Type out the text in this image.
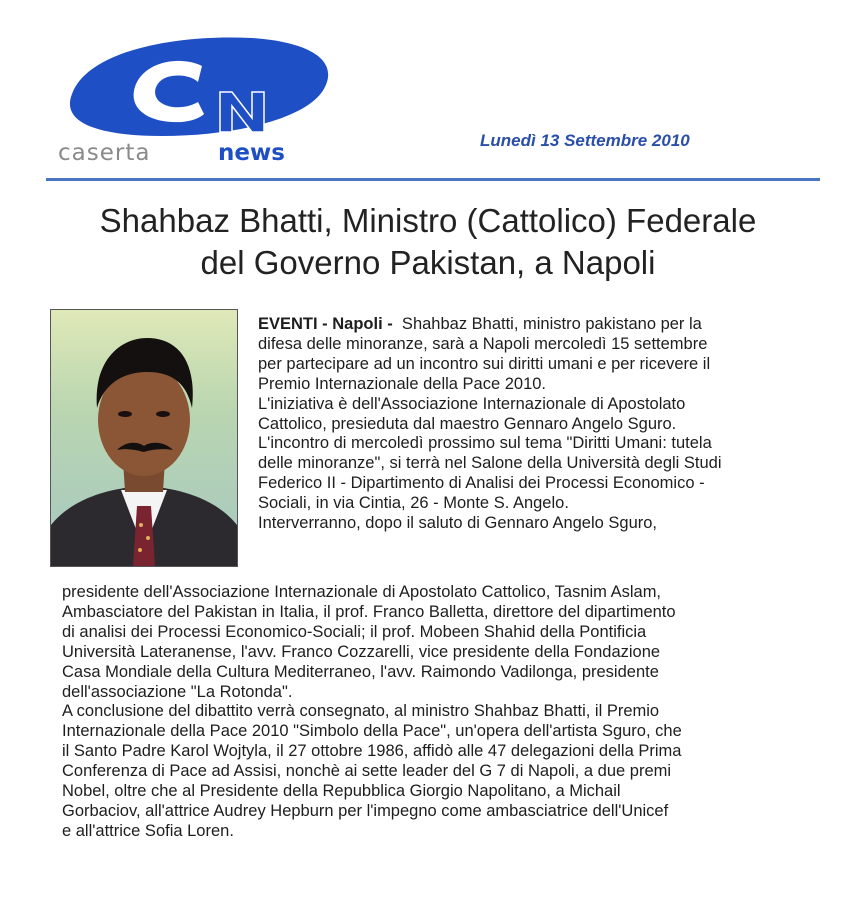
caserta	news	Lunedì 13 Settembre 2010
Shahbaz Bhatti, Ministro (Cattolico) Federale
del Governo Pakistan, a Napoli
EVENTI - Napoli -  Shahbaz Bhatti, ministro pakistano per la
difesa delle minoranze, sarà a Napoli mercoledì 15 settembre
per partecipare ad un incontro sui diritti umani e per ricevere il
Premio Internazionale della Pace 2010.
L'iniziativa è dell'Associazione Internazionale di Apostolato
Cattolico, presieduta dal maestro Gennaro Angelo Sguro.
L'incontro di mercoledì prossimo sul tema "Diritti Umani: tutela
delle minoranze", si terrà nel Salone della Università degli Studi
Federico II - Dipartimento di Analisi dei Processi Economico -
Sociali, in via Cintia, 26 - Monte S. Angelo.
Interverranno, dopo il saluto di Gennaro Angelo Sguro,
presidente dell'Associazione Internazionale di Apostolato Cattolico, Tasnim Aslam,
Ambasciatore del Pakistan in Italia, il prof. Franco Balletta, direttore del dipartimento
di analisi dei Processi Economico-Sociali; il prof. Mobeen Shahid della Pontificia
Università Lateranense, l'avv. Franco Cozzarelli, vice presidente della Fondazione
Casa Mondiale della Cultura Mediterraneo, l'avv. Raimondo Vadilonga, presidente
dell'associazione "La Rotonda".
A conclusione del dibattito verrà consegnato, al ministro Shahbaz Bhatti, il Premio
Internazionale della Pace 2010 "Simbolo della Pace", un'opera dell'artista Sguro, che
il Santo Padre Karol Wojtyla, il 27 ottobre 1986, affidò alle 47 delegazioni della Prima
Conferenza di Pace ad Assisi, nonchè ai sette leader del G 7 di Napoli, a due premi
Nobel, oltre che al Presidente della Repubblica Giorgio Napolitano, a Michail
Gorbaciov, all'attrice Audrey Hepburn per l'impegno come ambasciatrice dell'Unicef
e all'attrice Sofia Loren.
